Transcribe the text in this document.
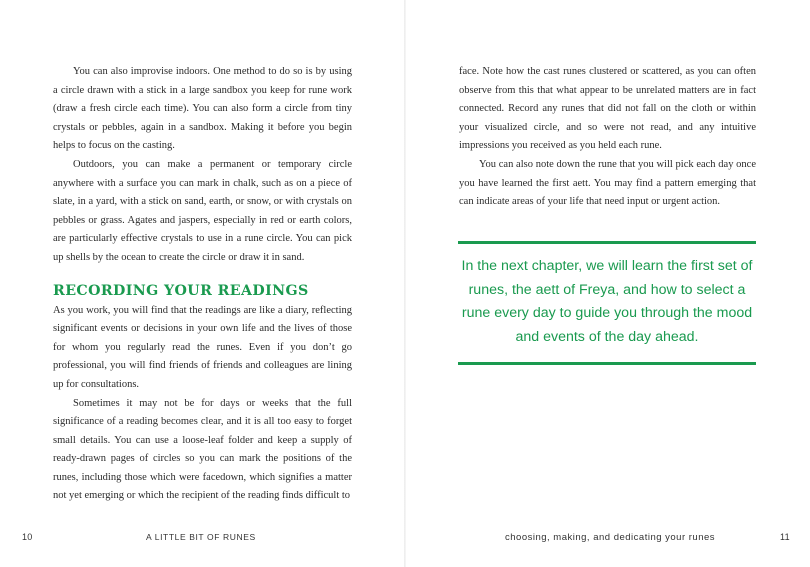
You can also improvise indoors. One method to do so is by using a circle drawn with a stick in a large sandbox you keep for rune work (draw a fresh circle each time). You can also form a circle from tiny crystals or pebbles, again in a sandbox. Making it before you begin helps to focus on the casting.

Outdoors, you can make a permanent or temporary circle anywhere with a surface you can mark in chalk, such as on a piece of slate, in a yard, with a stick on sand, earth, or snow, or with crystals on pebbles or grass. Agates and jaspers, especially in red or earth colors, are particularly effective crystals to use in a rune circle. You can pick up shells by the ocean to create the circle or draw it in sand.

RECORDING YOUR READINGS

As you work, you will find that the readings are like a diary, reflecting significant events or decisions in your own life and the lives of those for whom you regularly read the runes. Even if you don’t go professional, you will find friends of friends and colleagues are lining up for consultations.

Sometimes it may not be for days or weeks that the full significance of a reading becomes clear, and it is all too easy to forget small details. You can use a loose-leaf folder and keep a supply of ready-drawn pages of circles so you can mark the positions of the runes, including those which were facedown, which signifies a matter not yet emerging or which the recipient of the reading finds difficult to

10	A LITTLE BIT OF RUNES

face. Note how the cast runes clustered or scattered, as you can often observe from this that what appear to be unrelated matters are in fact connected. Record any runes that did not fall on the cloth or within your visualized circle, and so were not read, and any intuitive impressions you received as you held each rune.

You can also note down the rune that you will pick each day once you have learned the first aett. You may find a pattern emerging that can indicate areas of your life that need input or urgent action.

In the next chapter, we will learn the first set of runes, the aett of Freya, and how to select a rune every day to guide you through the mood and events of the day ahead.

choosing, making, and dedicating your runes	11
